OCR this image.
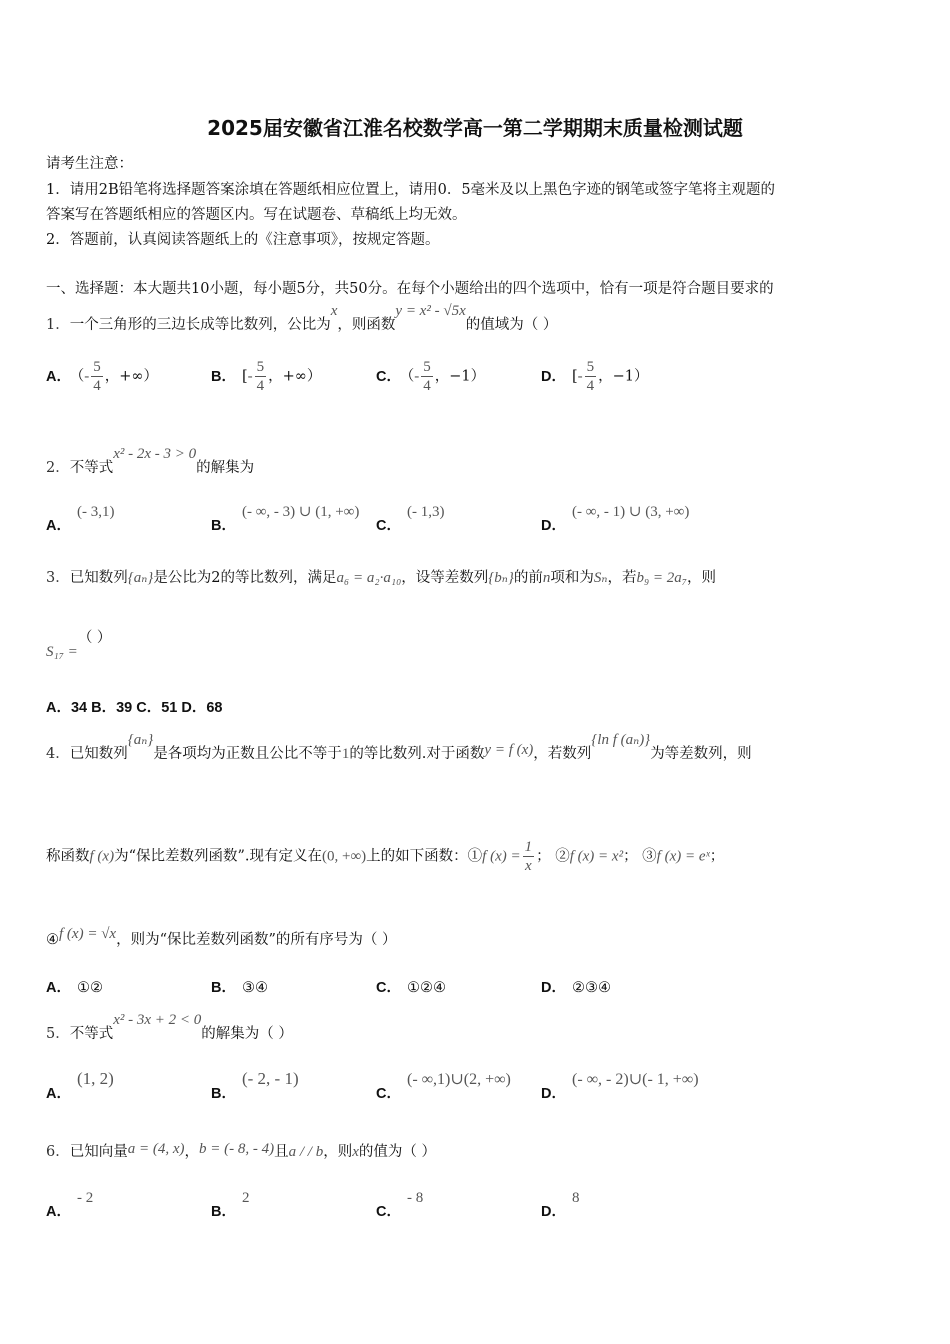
2025届安徽省江淮名校数学高一第二学期期末质量检测试题
请考生注意：
1．请用2B铅笔将选择题答案涂填在答题纸相应位置上，请用0．5毫米及以上黑色字迹的钢笔或签字笔将主观题的
答案写在答题纸相应的答题区内。写在试题卷、草稿纸上均无效。
2．答题前，认真阅读答题纸上的《注意事项》，按规定答题。
一、选择题：本大题共10小题，每小题5分，共50分。在每个小题给出的四个选项中，恰有一项是符合题目要求的
1．一个三角形的三边长成等比数列，公比为x，则函数y = x² - √5x的值域为（ ）
A． （- $\frac{5}{4}$ ，+∞）	B． [- $\frac{5}{4}$ ，+∞）	C． （- $\frac{5}{4}$ ，−1）	D． [- $\frac{5}{4}$ ，−1）
2．不等式x² - 2x - 3 > 0的解集为
A．(- 3,1)
B．(- ∞, - 3) ∪ (1, +∞)
C．(- 1,3)
D．(- ∞, - 1) ∪ (3, +∞)
3．已知数列{aₙ}是公比为2的等比数列，满足a₆ = a₂·a₁₀，设等差数列{bₙ}的前n项和为Sₙ，若b₉ = 2a₇，则
S₁₇ =（ ）
A．34 B．39 C．51 D．68
4．已知数列{aₙ}是各项均为正数且公比不等于1的等比数列.对于函数y = f (x)，若数列{ln f (aₙ)}为等差数列，则
称函数f (x)为“保比差数列函数”.现有定义在(0, +∞)上的如下函数：①f $(x) = \frac{1}{x}$ ； ②f (x) = x²； ③f (x) = eˣ；
④f (x) = √x，则为“保比差数列函数”的所有序号为（ ）
A． ①②	B． ③④	C． ①②④	D． ②③④
5．不等式x² - 3x + 2 < 0的解集为（ ）
A．(1, 2)
B．(- 2, - 1)
C．(- ∞,1)∪(2, +∞)
D．(- ∞, - 2)∪(- 1, +∞)
6．已知向量a = (4, x)，b = (- 8, - 4)且a / / b，则x的值为（ ）
A．- 2
B．2
C．- 8
D．8
